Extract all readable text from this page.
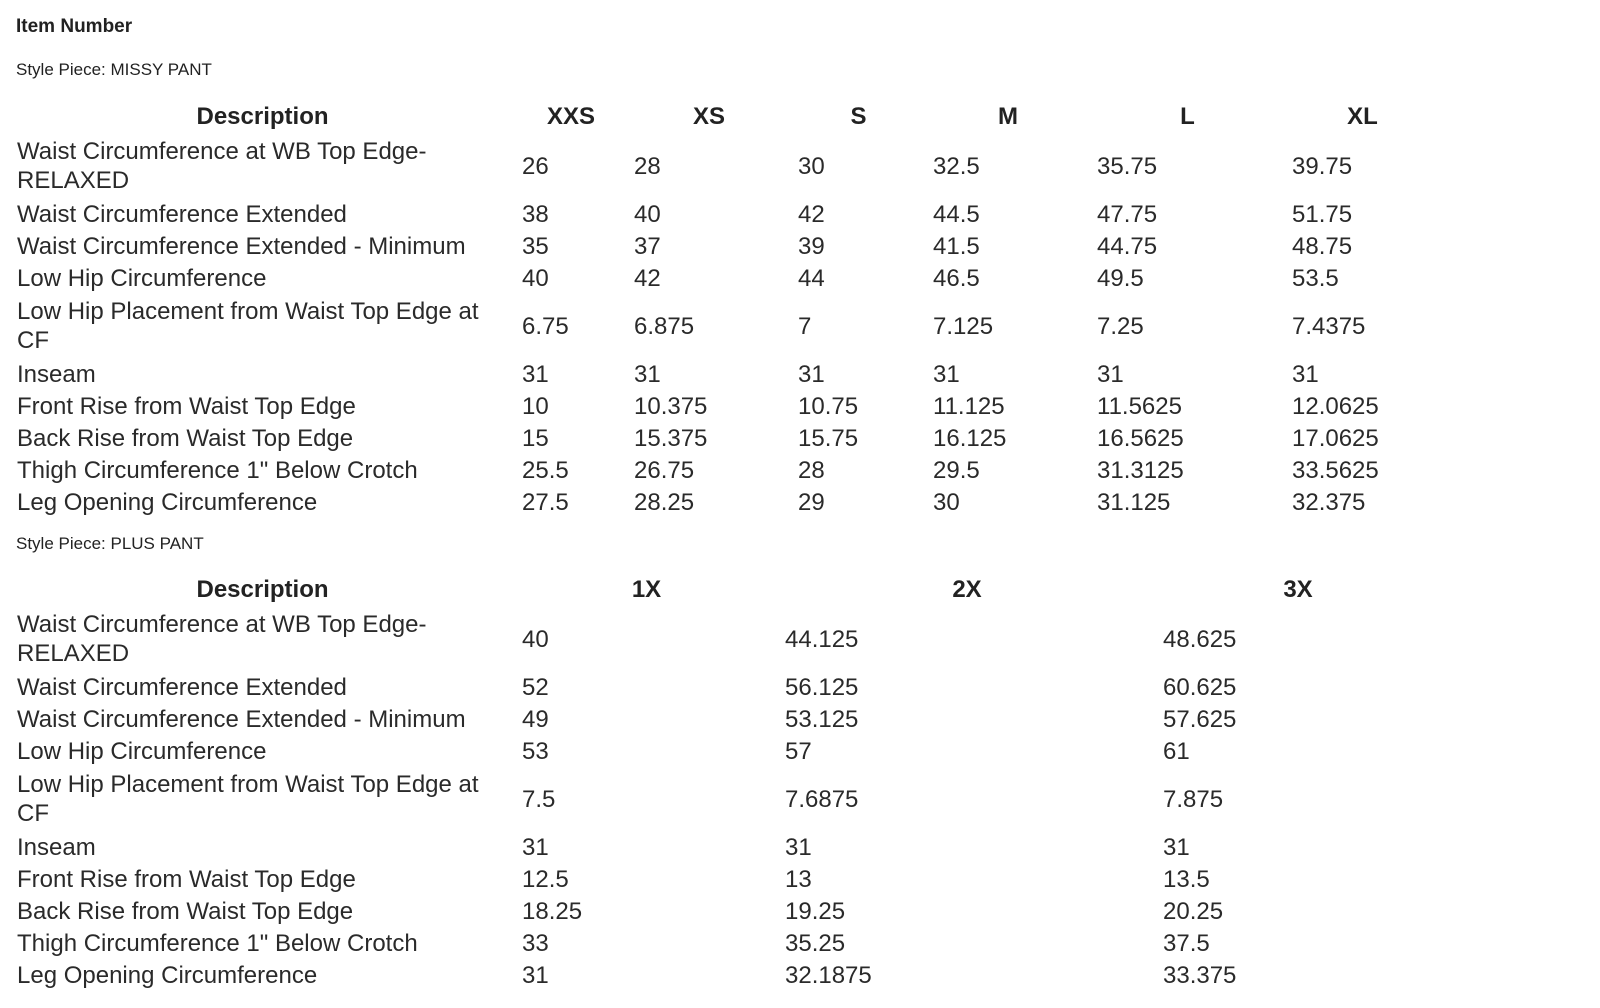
Item Number
Style Piece: MISSY PANT
Description	XXS	XS	S	M	L	XL
Waist Circumference at WB Top Edge- RELAXED	26	28	30	32.5	35.75	39.75
Waist Circumference Extended	38	40	42	44.5	47.75	51.75
Waist Circumference Extended - Minimum	35	37	39	41.5	44.75	48.75
Low Hip Circumference	40	42	44	46.5	49.5	53.5
Low Hip Placement from Waist Top Edge at CF	6.75	6.875	7	7.125	7.25	7.4375
Inseam	31	31	31	31	31	31
Front Rise from Waist Top Edge	10	10.375	10.75	11.125	11.5625	12.0625
Back Rise from Waist Top Edge	15	15.375	15.75	16.125	16.5625	17.0625
Thigh Circumference 1" Below Crotch	25.5	26.75	28	29.5	31.3125	33.5625
Leg Opening Circumference	27.5	28.25	29	30	31.125	32.375
Style Piece: PLUS PANT
Description	1X	2X	3X
Waist Circumference at WB Top Edge- RELAXED	40	44.125	48.625
Waist Circumference Extended	52	56.125	60.625
Waist Circumference Extended - Minimum	49	53.125	57.625
Low Hip Circumference	53	57	61
Low Hip Placement from Waist Top Edge at CF	7.5	7.6875	7.875
Inseam	31	31	31
Front Rise from Waist Top Edge	12.5	13	13.5
Back Rise from Waist Top Edge	18.25	19.25	20.25
Thigh Circumference 1" Below Crotch	33	35.25	37.5
Leg Opening Circumference	31	32.1875	33.375
